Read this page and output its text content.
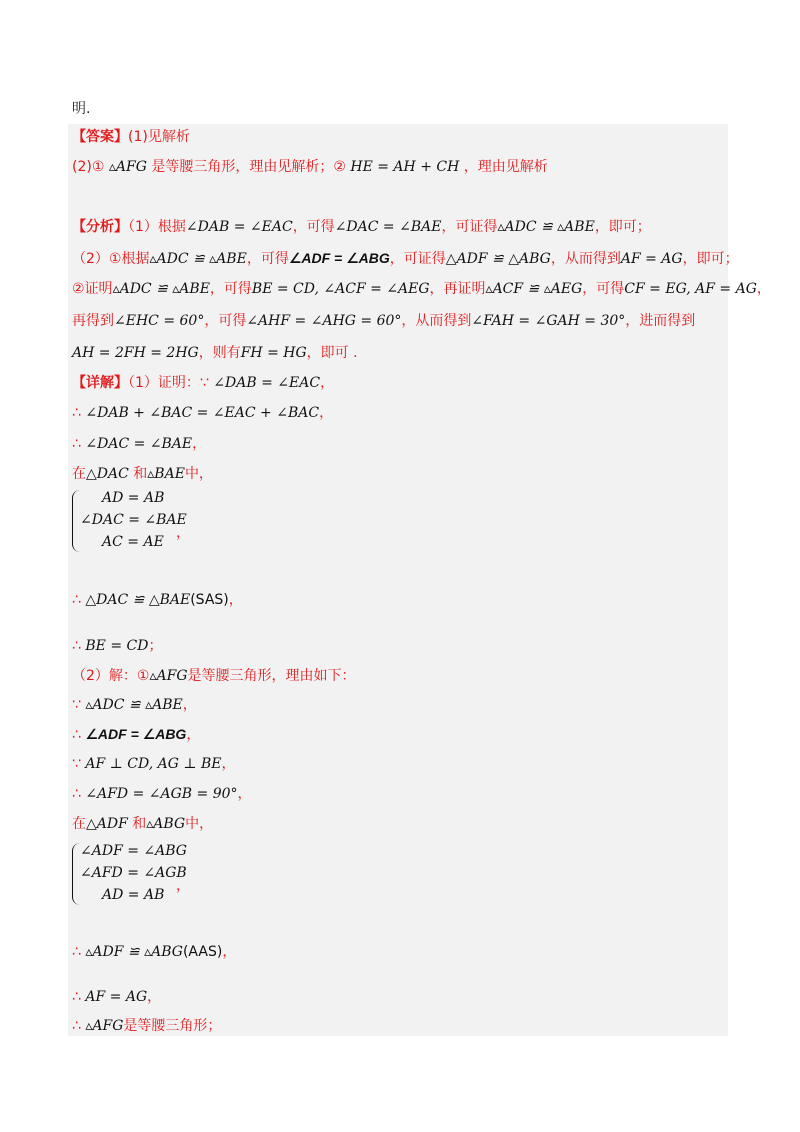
明.
【答案】(1)见解析
(2)① ▵AFG 是等腰三角形，理由见解析；② HE = AH + CH ，理由见解析
【分析】（1）根据∠DAB = ∠EAC，可得∠DAC = ∠BAE，可证得▵ADC ≌ ▵ABE，即可；
（2）①根据▵ADC ≌ ▵ABE，可得∠ADF = ∠ABG，可证得△ADF ≌ △ABG，从而得到AF = AG，即可；
②证明▵ADC ≌ ▵ABE，可得BE = CD, ∠ACF = ∠AEG，再证明▵ACF ≌ ▵AEG，可得CF = EG, AF = AG，
再得到∠EHC = 60°，可得∠AHF = ∠AHG = 60°，从而得到∠FAH = ∠GAH = 30°，进而得到
AH = 2FH = 2HG，则有FH = HG，即可 .
【详解】（1）证明：∵ ∠DAB = ∠EAC，
∴ ∠DAB + ∠BAC = ∠EAC + ∠BAC，
∴ ∠DAC = ∠BAE，
在△DAC 和▵BAE中，
AD = AB
∠DAC = ∠BAE
AC = AE
，
∴ △DAC ≌ △BAE(SAS)，
∴ BE = CD；
（2）解：①▵AFG是等腰三角形，理由如下：
∵ ▵ADC ≌ ▵ABE，
∴ ∠ADF = ∠ABG，
∵ AF ⊥ CD, AG ⊥ BE，
∴ ∠AFD = ∠AGB = 90°，
在△ADF 和▵ABG中，
∠ADF = ∠ABG
∠AFD = ∠AGB
AD = AB
，
∴ ▵ADF ≌ ▵ABG(AAS)，
∴ AF = AG，
∴ ▵AFG是等腰三角形；
